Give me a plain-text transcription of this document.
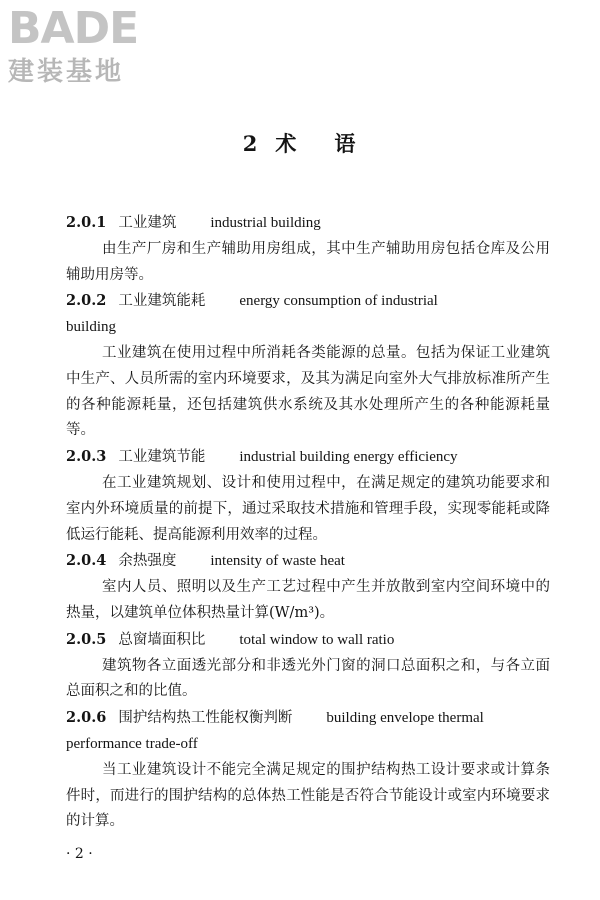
BADE
建装基地
2 术 语
2.0.1 工业建筑 industrial building
由生产厂房和生产辅助用房组成，其中生产辅助用房包括仓库及公用辅助用房等。
2.0.2 工业建筑能耗 energy consumption of industrial
building
工业建筑在使用过程中所消耗各类能源的总量。包括为保证工业建筑中生产、人员所需的室内环境要求，及其为满足向室外大气排放标准所产生的各种能源耗量，还包括建筑供水系统及其水处理所产生的各种能源耗量等。
2.0.3 工业建筑节能 industrial building energy efficiency
在工业建筑规划、设计和使用过程中，在满足规定的建筑功能要求和室内外环境质量的前提下，通过采取技术措施和管理手段，实现零能耗或降低运行能耗、提高能源利用效率的过程。
2.0.4 余热强度 intensity of waste heat
室内人员、照明以及生产工艺过程中产生并放散到室内空间环境中的热量，以建筑单位体积热量计算(W/m³)。
2.0.5 总窗墙面积比 total window to wall ratio
建筑物各立面透光部分和非透光外门窗的洞口总面积之和，与各立面总面积之和的比值。
2.0.6 围护结构热工性能权衡判断 building envelope thermal
performance trade-off
当工业建筑设计不能完全满足规定的围护结构热工设计要求或计算条件时，而进行的围护结构的总体热工性能是否符合节能设计或室内环境要求的计算。
· 2 ·
